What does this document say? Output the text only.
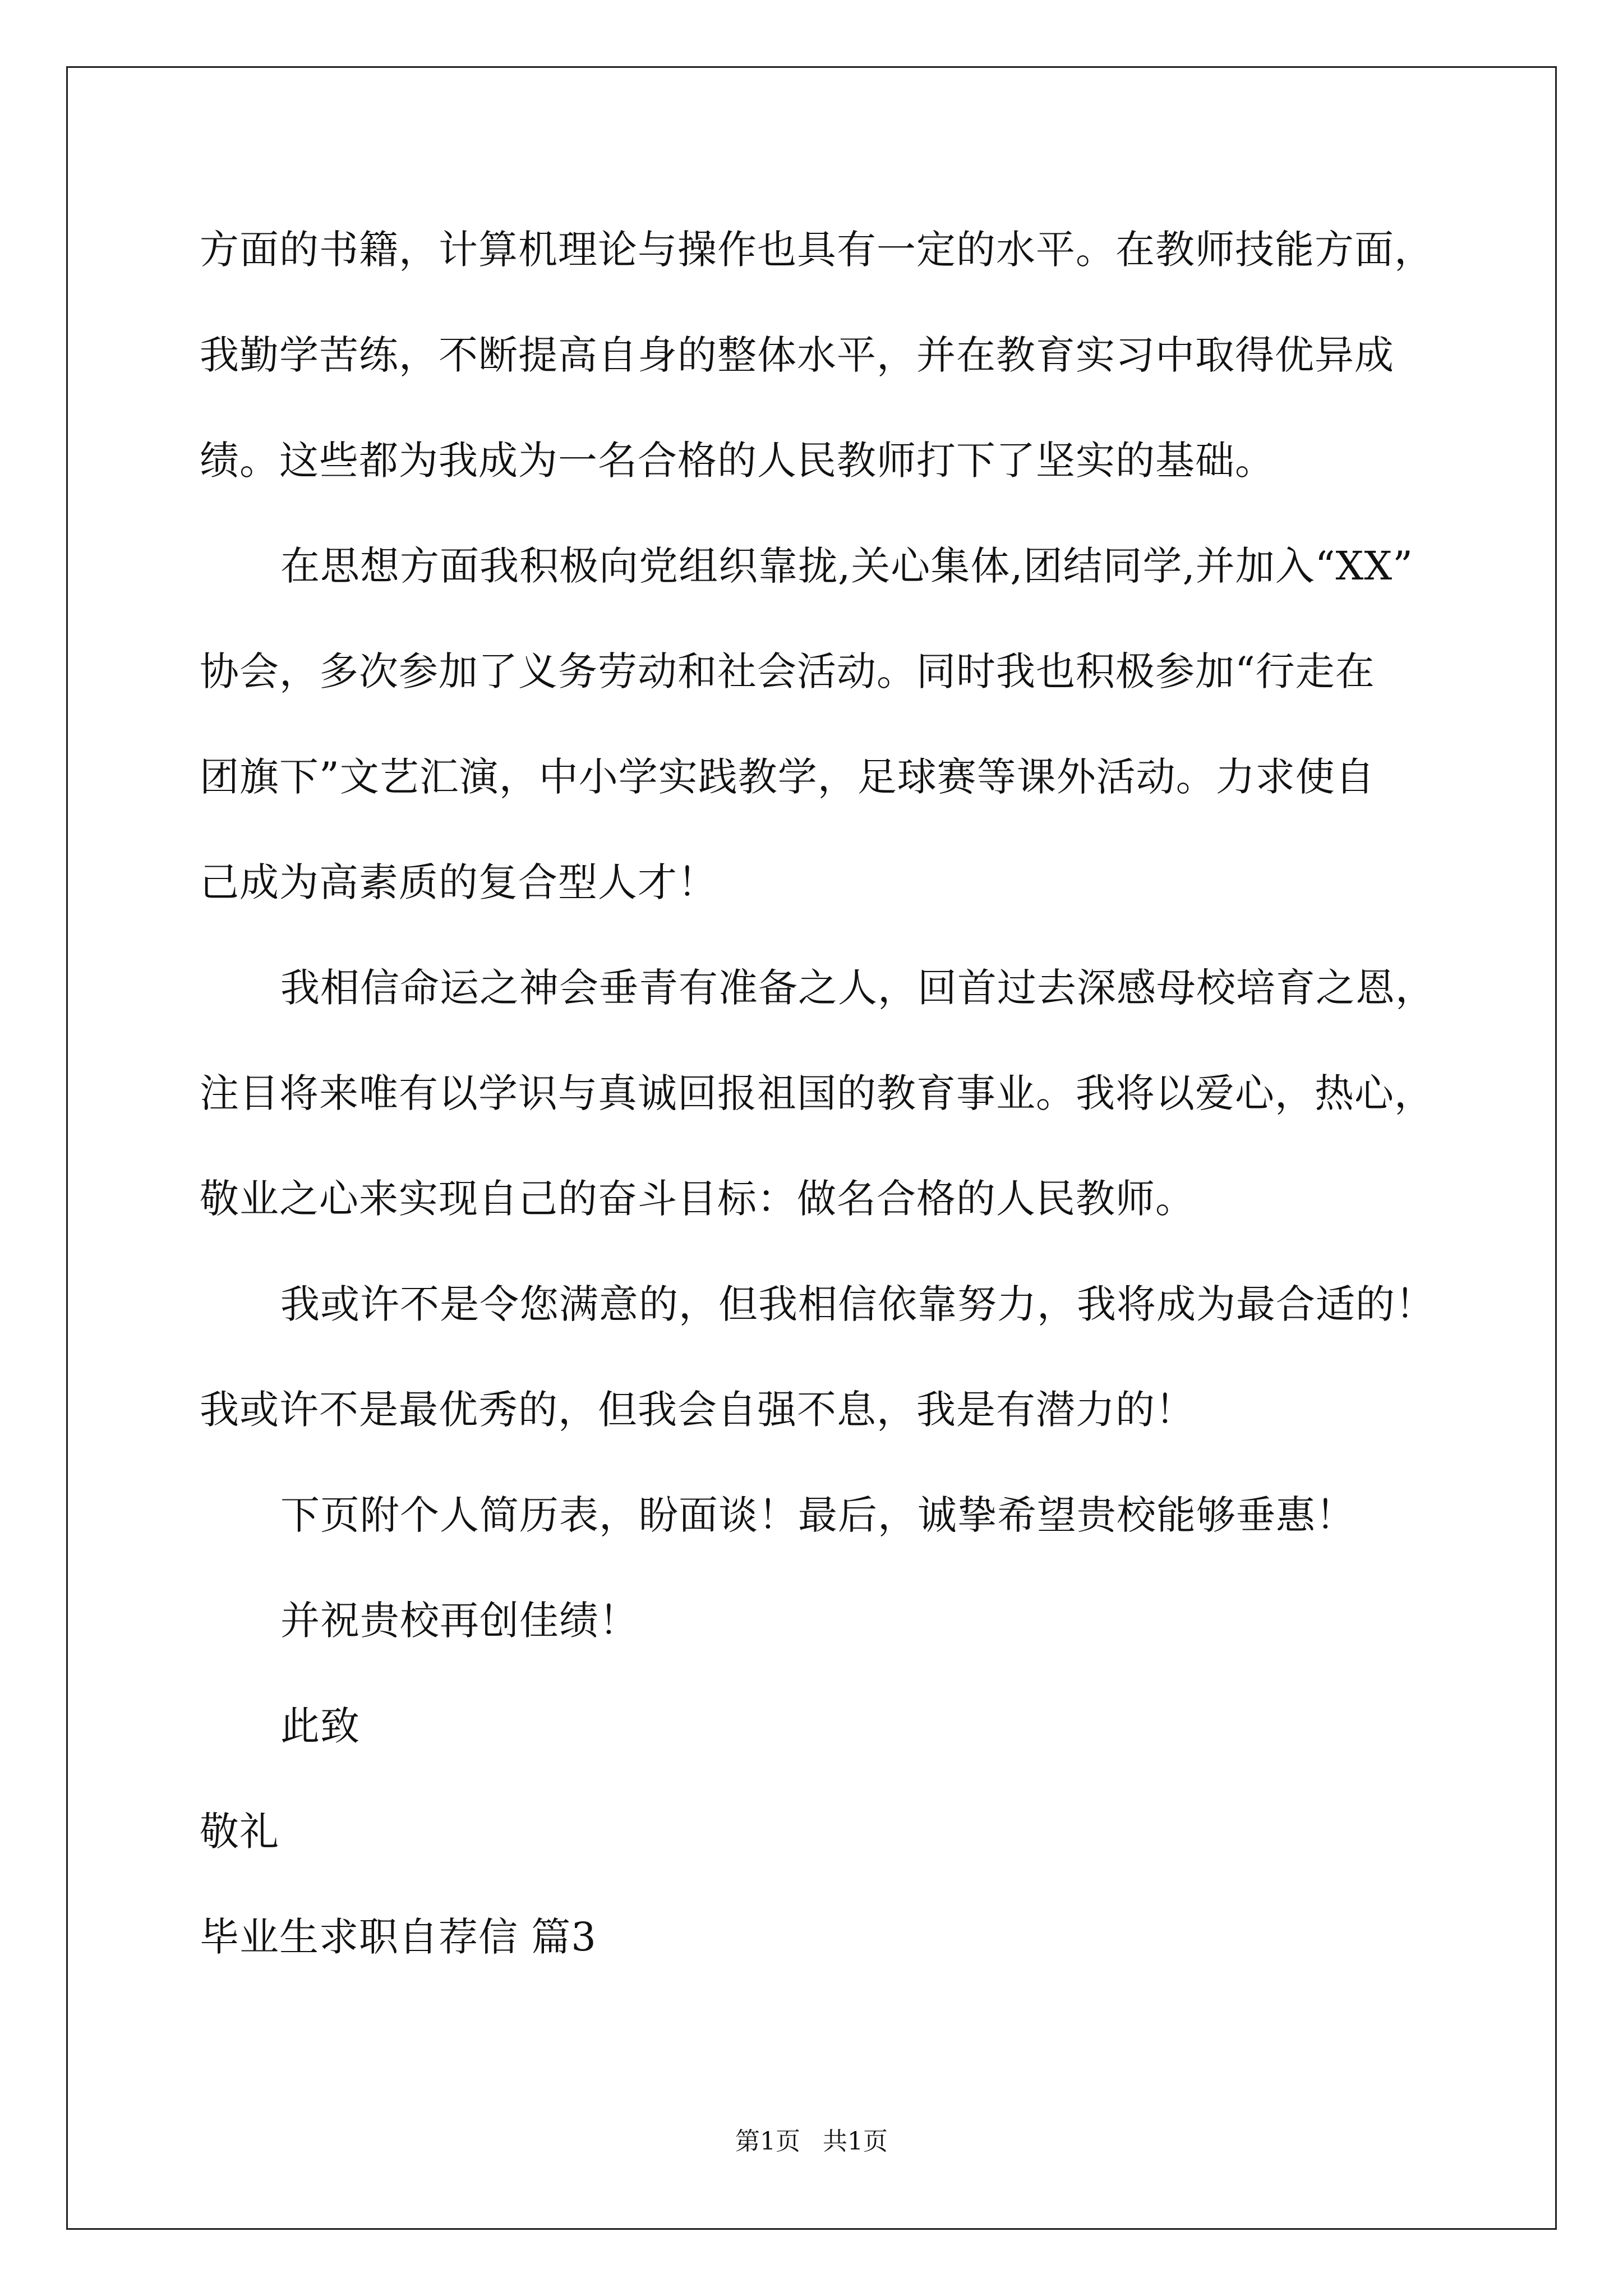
方面的书籍，计算机理论与操作也具有一定的水平。在教师技能方面，
我勤学苦练，不断提高自身的整体水平，并在教育实习中取得优异成
绩。这些都为我成为一名合格的人民教师打下了坚实的基础。
在思想方面我积极向党组织靠拢,关心集体,团结同学,并加入“XX”
协会，多次参加了义务劳动和社会活动。同时我也积极参加“行走在
团旗下”文艺汇演，中小学实践教学，足球赛等课外活动。力求使自
己成为高素质的复合型人才！
我相信命运之神会垂青有准备之人，回首过去深感母校培育之恩，
注目将来唯有以学识与真诚回报祖国的教育事业。我将以爱心，热心，
敬业之心来实现自己的奋斗目标：做名合格的人民教师。
我或许不是令您满意的，但我相信依靠努力，我将成为最合适的！
我或许不是最优秀的，但我会自强不息，我是有潜力的！
下页附个人简历表，盼面谈！最后，诚挚希望贵校能够垂惠！
并祝贵校再创佳绩！
此致
敬礼
毕业生求职自荐信 篇3
第1页 共1页
